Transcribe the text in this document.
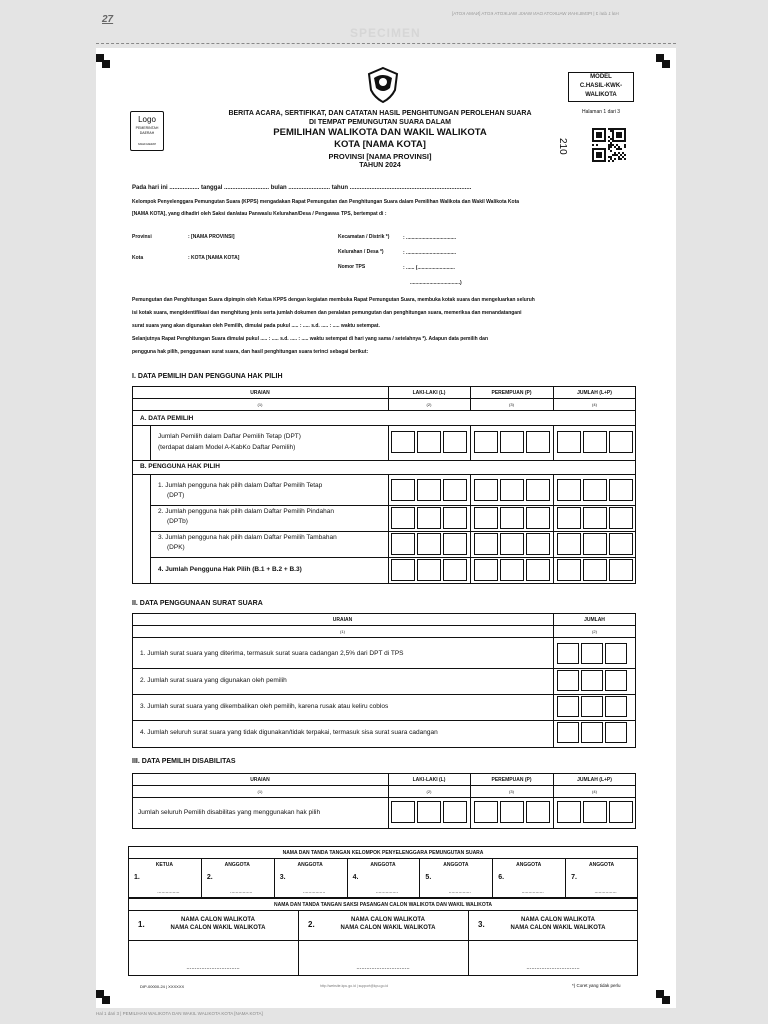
27
Hal 1 dari 3 | PEMILIHAN WALIKOTA DAN WAKIL WALIKOTA KOTA [NAMA KOTA]
SPECIMEN
MODEL
C.HASIL-KWK-
WALIKOTA
Halaman 1 dari 3
210
Logo
PEMERINTAH
DAERAH
NAMA DAERAH
BERITA ACARA, SERTIFIKAT, DAN CATATAN HASIL PENGHITUNGAN PEROLEHAN SUARA
DI TEMPAT PEMUNGUTAN SUARA DALAM
PEMILIHAN WALIKOTA DAN WAKIL WALIKOTA
KOTA [NAMA KOTA]
PROVINSI [NAMA PROVINSI]
TAHUN 2024
Pada hari ini .................. tanggal ........................... bulan ......................... tahun .........................................................................
Kelompok Penyelenggara Pemungutan Suara (KPPS) mengadakan Rapat Pemungutan dan Penghitungan Suara dalam Pemilihan Walikota dan Wakil Walikota Kota
[NAMA KOTA], yang dihadiri oleh Saksi dan/atau Panwaslu Kelurahan/Desa / Pengawas TPS, bertempat di :
Provinsi	: [NAMA PROVINSI]
Kota	: KOTA [NAMA KOTA]
Kecamatan / Distrik *)	: ....................................
Kelurahan / Desa *)	: ....................................
Nomor TPS	: ...... (...........................
....................................)
Pemungutan dan Penghitungan Suara dipimpin oleh Ketua KPPS dengan kegiatan membuka Rapat Pemungutan Suara, membuka kotak suara dan mengeluarkan seluruh
isi kotak suara, mengidentifikasi dan menghitung jenis serta jumlah dokumen dan peralatan pemungutan dan penghitungan suara, memeriksa dan menandatangani
surat suara yang akan digunakan oleh Pemilih, dimulai pada pukul ..... : ..... s.d. ..... : ..... waktu setempat.
Selanjutnya Rapat Penghitungan Suara dimulai pukul ..... : ..... s.d. ..... : ..... waktu setempat di hari yang sama / setelahnya *). Adapun data pemilih dan
pengguna hak pilih, penggunaan surat suara, dan hasil penghitungan suara terinci sebagai berikut:
I. DATA PEMILIH DAN PENGGUNA HAK PILIH
URAIAN	LAKI-LAKI (L)	PEREMPUAN (P)	JUMLAH (L+P)
(1)	(2)	(3)	(4)
A. DATA PEMILIH
Jumlah Pemilih dalam Daftar Pemilih Tetap (DPT)
(terdapat dalam Model A-KabKo Daftar Pemilih)
B. PENGGUNA HAK PILIH
1. Jumlah pengguna hak pilih dalam Daftar Pemilih Tetap
(DPT)
2. Jumlah pengguna hak pilih dalam Daftar Pemilih Pindahan
(DPTb)
3. Jumlah pengguna hak pilih dalam Daftar Pemilih Tambahan
(DPK)
4. Jumlah Pengguna Hak Pilih (B.1 + B.2 + B.3)
II. DATA PENGGUNAAN SURAT SUARA
URAIAN	JUMLAH
(1)	(2)
1. Jumlah surat suara yang diterima, termasuk surat suara cadangan 2,5% dari DPT di TPS
2. Jumlah surat suara yang digunakan oleh pemilih
3. Jumlah surat suara yang dikembalikan oleh pemilih, karena rusak atau keliru coblos
4. Jumlah seluruh surat suara yang tidak digunakan/tidak terpakai, termasuk sisa surat suara cadangan
III. DATA PEMILIH DISABILITAS
URAIAN	LAKI-LAKI (L)	PEREMPUAN (P)	JUMLAH (L+P)
(1)	(2)	(3)	(4)
Jumlah seluruh Pemilih disabilitas yang menggunakan hak pilih
NAMA DAN TANDA TANGAN KELOMPOK PENYELENGGARA PEMUNGUTAN SUARA
KETUA
1.
................
ANGGOTA
2.
................
ANGGOTA
3.
................
ANGGOTA
4.
................
ANGGOTA
5.
................
ANGGOTA
6.
................
ANGGOTA
7.
................
NAMA DAN TANDA TANGAN SAKSI PASANGAN CALON WALIKOTA DAN WAKIL WALIKOTA
1.	NAMA CALON WALIKOTA
NAMA CALON WAKIL WALIKOTA
................................
2.	NAMA CALON WALIKOTA
NAMA CALON WAKIL WALIKOTA
................................
3.	NAMA CALON WALIKOTA
NAMA CALON WAKIL WALIKOTA
................................
DIP-00000-24 | XXXXXX	http://website.kpu.go.id | support@kpu.go.id	*) Coret yang tidak perlu
Hal 1 dari 3 | PEMILIHAN WALIKOTA DAN WAKIL WALIKOTA KOTA [NAMA KOTA]
